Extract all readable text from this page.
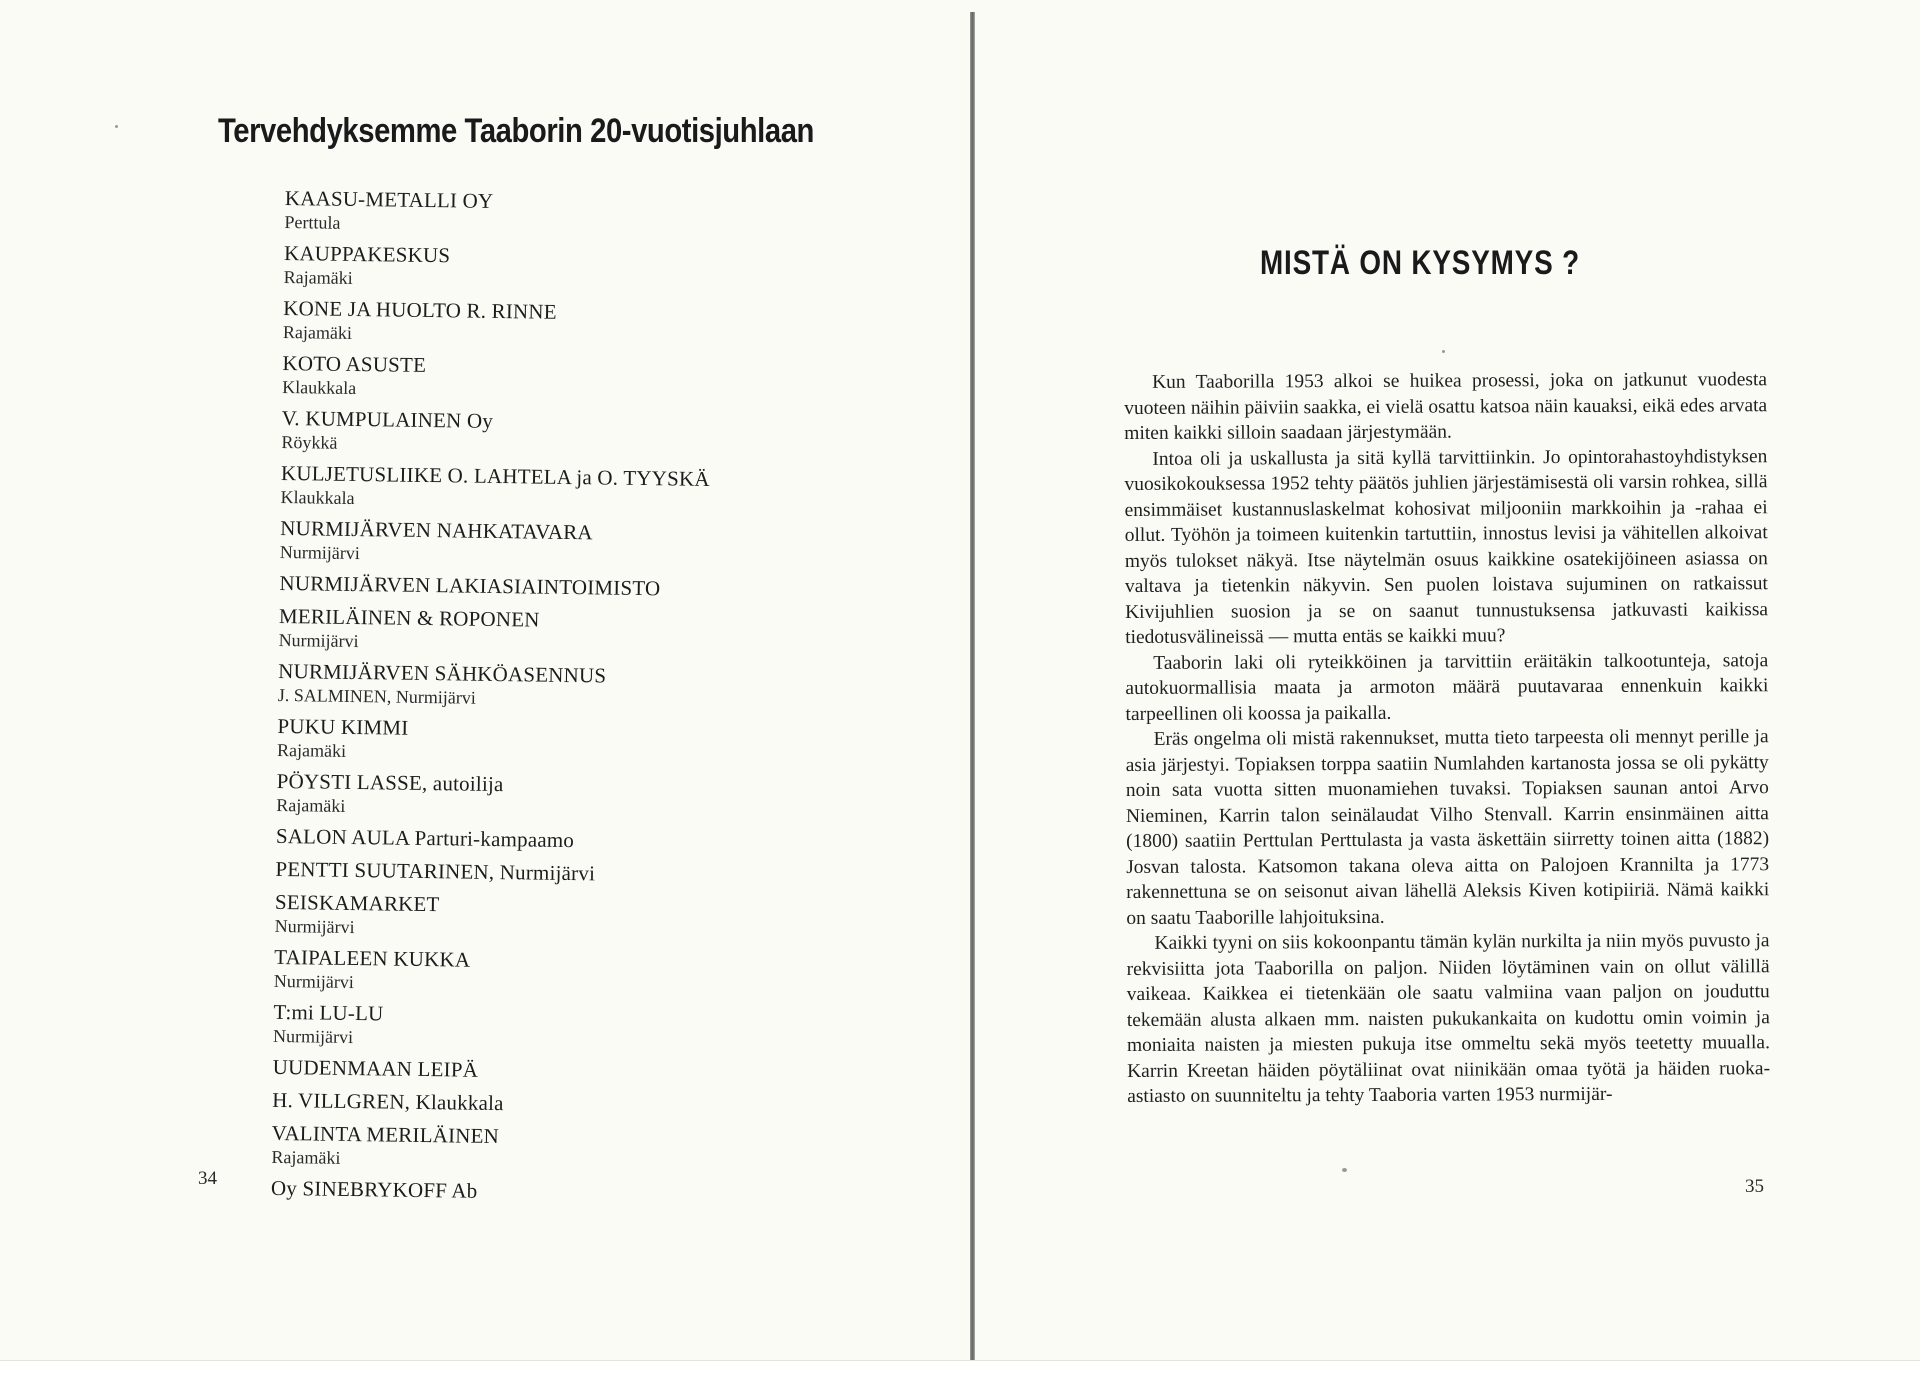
Tervehdyksemme Taaborin 20-vuotisjuhlaan
KAASU-METALLI OY
Perttula
KAUPPAKESKUS
Rajamäki
KONE JA HUOLTO R. RINNE
Rajamäki
KOTO ASUSTE
Klaukkala
V. KUMPULAINEN Oy
Röykkä
KULJETUSLIIKE O. LAHTELA ja O. TYYSKÄ
Klaukkala
NURMIJÄRVEN NAHKATAVARA
Nurmijärvi
NURMIJÄRVEN LAKIASIAINTOIMISTO
MERILÄINEN & ROPONEN
Nurmijärvi
NURMIJÄRVEN SÄHKÖASENNUS
J. SALMINEN, Nurmijärvi
PUKU KIMMI
Rajamäki
PÖYSTI LASSE, autoilija
Rajamäki
SALON AULA Parturi-kampaamo
PENTTI SUUTARINEN, Nurmijärvi
SEISKAMARKET
Nurmijärvi
TAIPALEEN KUKKA
Nurmijärvi
T:mi LU-LU
Nurmijärvi
UUDENMAAN LEIPÄ
H. VILLGREN, Klaukkala
VALINTA MERILÄINEN
Rajamäki
Oy SINEBRYKOFF Ab
34
MISTÄ ON KYSYMYS ?

Kun Taaborilla 1953 alkoi se huikea prosessi, joka on jatkunut vuodesta vuoteen näihin päiviin saakka, ei vielä osattu katsoa näin kauaksi, eikä edes arvata miten kaikki silloin saadaan järjestymään.

Intoa oli ja uskallusta ja sitä kyllä tarvittiinkin. Jo opintorahastoyhdistyksen vuosikokouksessa 1952 tehty päätös juhlien järjestämisestä oli varsin rohkea, sillä ensimmäiset kustannuslaskelmat kohosivat miljooniin markkoihin ja -rahaa ei ollut. Työhön ja toimeen kuitenkin tartuttiin, innostus levisi ja vähitellen alkoivat myös tulokset näkyä. Itse näytelmän osuus kaikkine osatekijöineen asiassa on valtava ja tietenkin näkyvin. Sen puolen loistava sujuminen on ratkaissut Kivijuhlien suosion ja se on saanut tunnustuksensa jatkuvasti kaikissa tiedotusvälineissä — mutta entäs se kaikki muu?

Taaborin laki oli ryteikköinen ja tarvittiin eräitäkin talkootunteja, satoja autokuormallisia maata ja armoton määrä puutavaraa ennenkuin kaikki tarpeellinen oli koossa ja paikalla.

Eräs ongelma oli mistä rakennukset, mutta tieto tarpeesta oli mennyt perille ja asia järjestyi. Topiaksen torppa saatiin Numlahden kartanosta jossa se oli pykätty noin sata vuotta sitten muonamiehen tuvaksi. Topiaksen saunan antoi Arvo Nieminen, Karrin talon seinälaudat Vilho Stenvall. Karrin ensinmäinen aitta (1800) saatiin Perttulan Perttulasta ja vasta äskettäin siirretty toinen aitta (1882) Josvan talosta. Katsomon takana oleva aitta on Palojoen Krannilta ja 1773 rakennettuna se on seisonut aivan lähellä Aleksis Kiven kotipiiriä. Nämä kaikki on saatu Taaborille lahjoituksina.

Kaikki tyyni on siis kokoonpantu tämän kylän nurkilta ja niin myös puvusto ja rekvisiitta jota Taaborilla on paljon. Niiden löytäminen vain on ollut välillä vaikeaa. Kaikkea ei tietenkään ole saatu valmiina vaan paljon on jouduttu tekemään alusta alkaen mm. naisten pukukankaita on kudottu omin voimin ja moniaita naisten ja miesten pukuja itse ommeltu sekä myös teetetty muualla. Karrin Kreetan häiden pöytäliinat ovat niinikään omaa työtä ja häiden ruoka-astiasto on suunniteltu ja tehty Taaboria varten 1953 nurmijär-

35
